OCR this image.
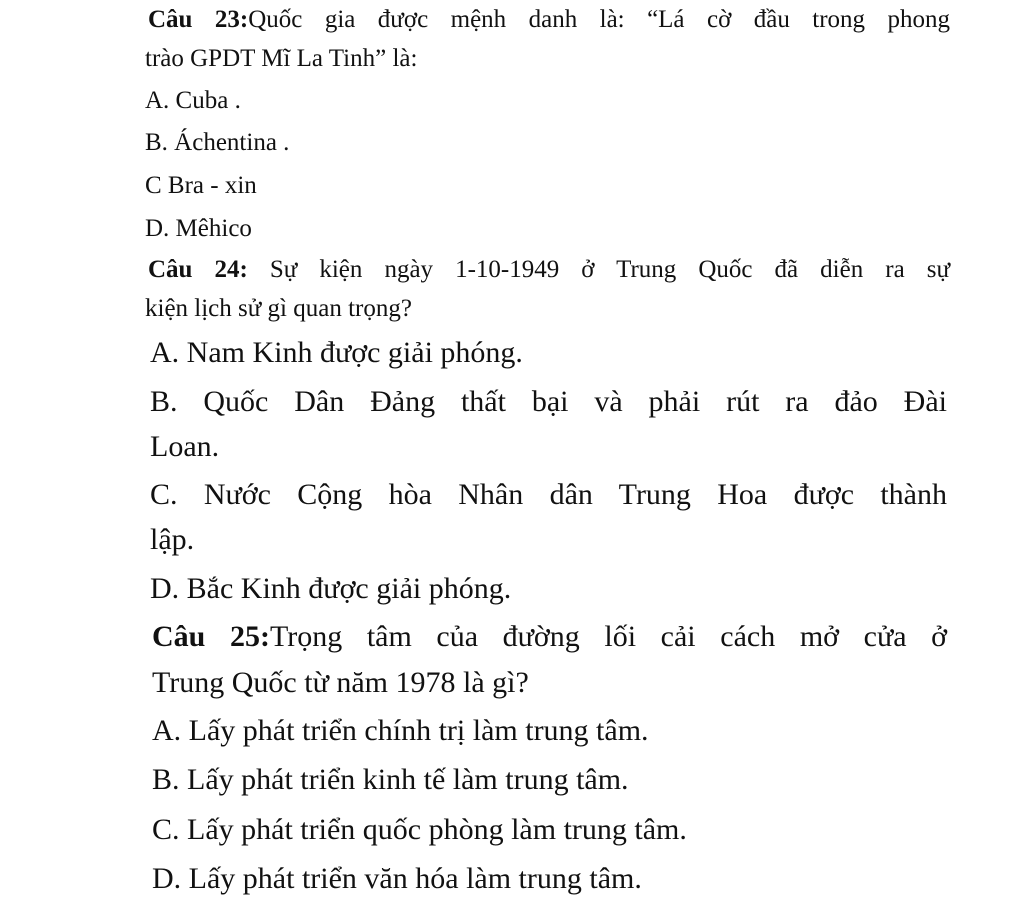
Câu 23:Quốc gia được mệnh danh là: “Lá cờ đầu trong phong
trào GPDT Mĩ La Tinh” là:
A. Cuba .
B. Áchentina .
C Bra - xin
D. Mêhico
Câu 24: Sự kiện ngày 1-10-1949 ở Trung Quốc đã diễn ra sự
kiện lịch sử gì quan trọng?
A. Nam Kinh được giải phóng.
B. Quốc Dân Đảng thất bại và phải rút ra đảo Đài
Loan.
C. Nước Cộng hòa Nhân dân Trung Hoa được thành
lập.
D. Bắc Kinh được giải phóng.
Câu 25:Trọng tâm của đường lối cải cách mở cửa ở
Trung Quốc từ năm 1978 là gì?
A. Lấy phát triển chính trị làm trung tâm.
B. Lấy phát triển kinh tế làm trung tâm.
C. Lấy phát triển quốc phòng làm trung tâm.
D. Lấy phát triển văn hóa làm trung tâm.
